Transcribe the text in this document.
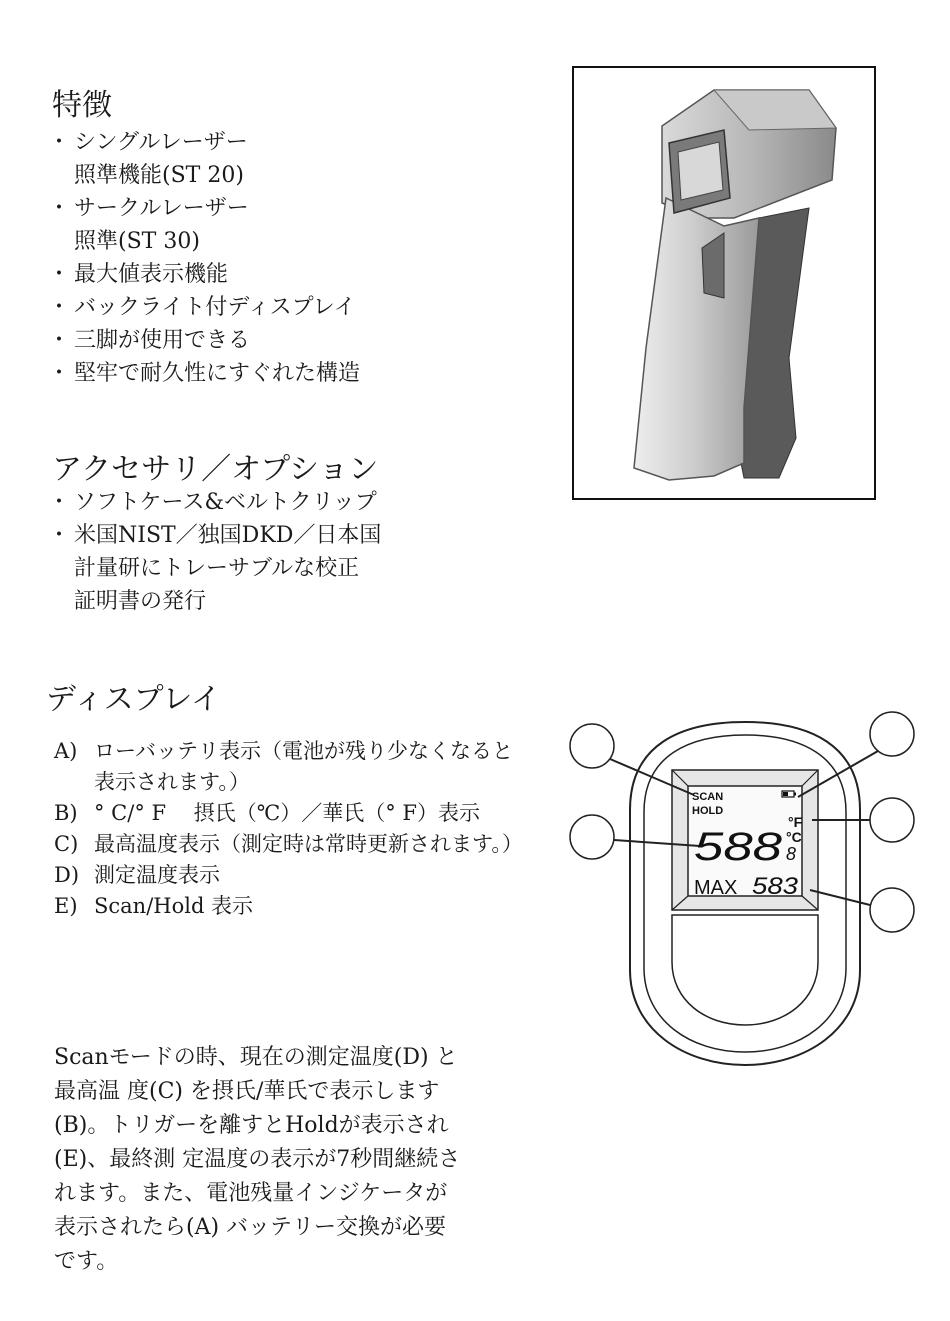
特徴
・ シングルレーザー
照準機能(ST 20)
・ サークルレーザー
照準(ST 30)
・ 最大値表示機能
・ バックライト付ディスプレイ
・ 三脚が使用できる
・ 堅牢で耐久性にすぐれた構造
アクセサリ／オプション
・ ソフトケース&ベルトクリップ
・ 米国NIST／独国DKD／日本国
計量研にトレーサブルな校正
証明書の発行
ディスプレイ
A) ローバッテリ表示（電池が残り少なくなると表示されます。）
B) ° C/° F　 摂氏（℃）／華氏（° F）表示
C) 最高温度表示（測定時は常時更新されます。）
D) 測定温度表示
E) Scan/Hold 表示

Scanモードの時、現在の測定温度(D) と

最高温 度(C) を摂氏/華氏で表示します

(B)。トリガーを離すとHoldが表示され

(E)、最終測 定温度の表示が7秒間継続さ

れます。また、電池残量インジケータが

表示されたら(A) バッテリー交換が必要

です。

SCAN
HOLD
°F
°C
588 8
MAX 583
